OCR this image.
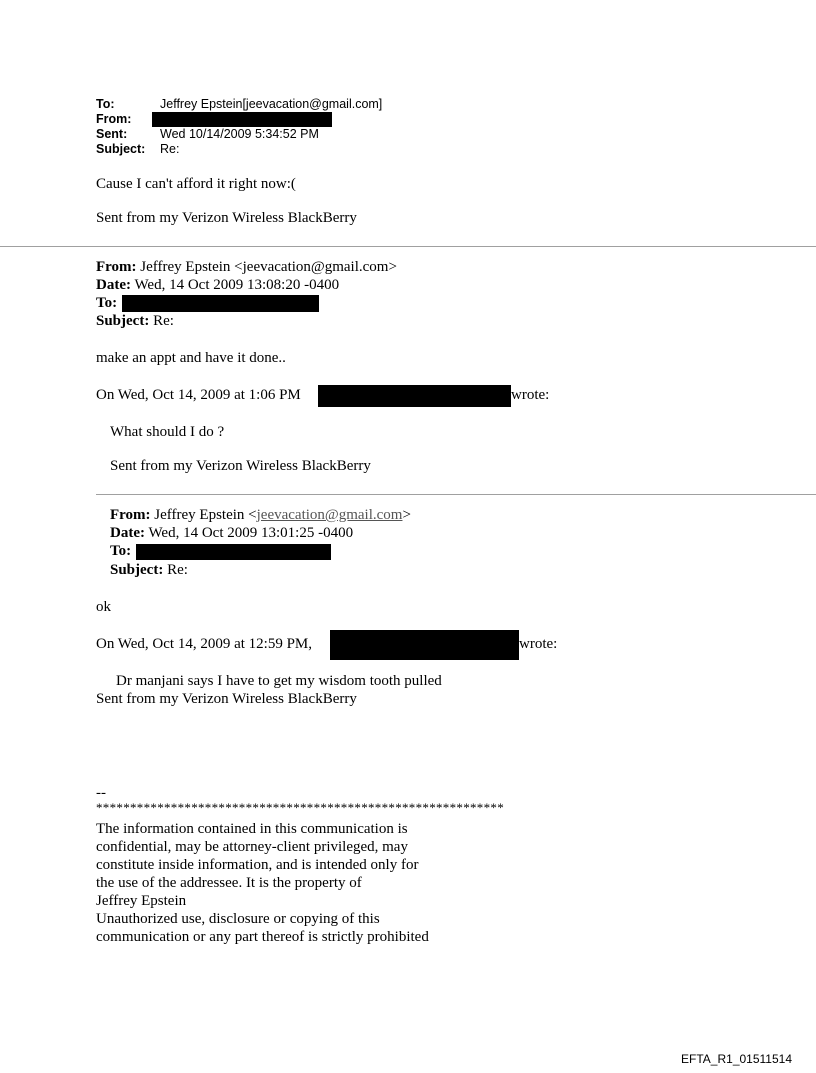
To:	Jeffrey Epstein[jeevacation@gmail.com]
From:
Sent:	Wed 10/14/2009 5:34:52 PM
Subject: Re:
Cause I can't afford it right now:(
Sent from my Verizon Wireless BlackBerry
From: Jeffrey Epstein <jeevacation@gmail.com>
Date: Wed, 14 Oct 2009 13:08:20 -0400
To:
Subject: Re:
make an appt and have it done..
On Wed, Oct 14, 2009 at 1:06 PM	wrote:
What should I do ?
Sent from my Verizon Wireless BlackBerry
From: Jeffrey Epstein <jeevacation@gmail.com>
Date: Wed, 14 Oct 2009 13:01:25 -0400
To:
Subject: Re:
ok
On Wed, Oct 14, 2009 at 12:59 PM,	wrote:
Dr manjani says I have to get my wisdom tooth pulled
Sent from my Verizon Wireless BlackBerry
--
************************************************************
The information contained in this communication is
confidential, may be attorney-client privileged, may
constitute inside information, and is intended only for
the use of the addressee. It is the property of
Jeffrey Epstein
Unauthorized use, disclosure or copying of this
communication or any part thereof is strictly prohibited
EFTA_R1_01511514
